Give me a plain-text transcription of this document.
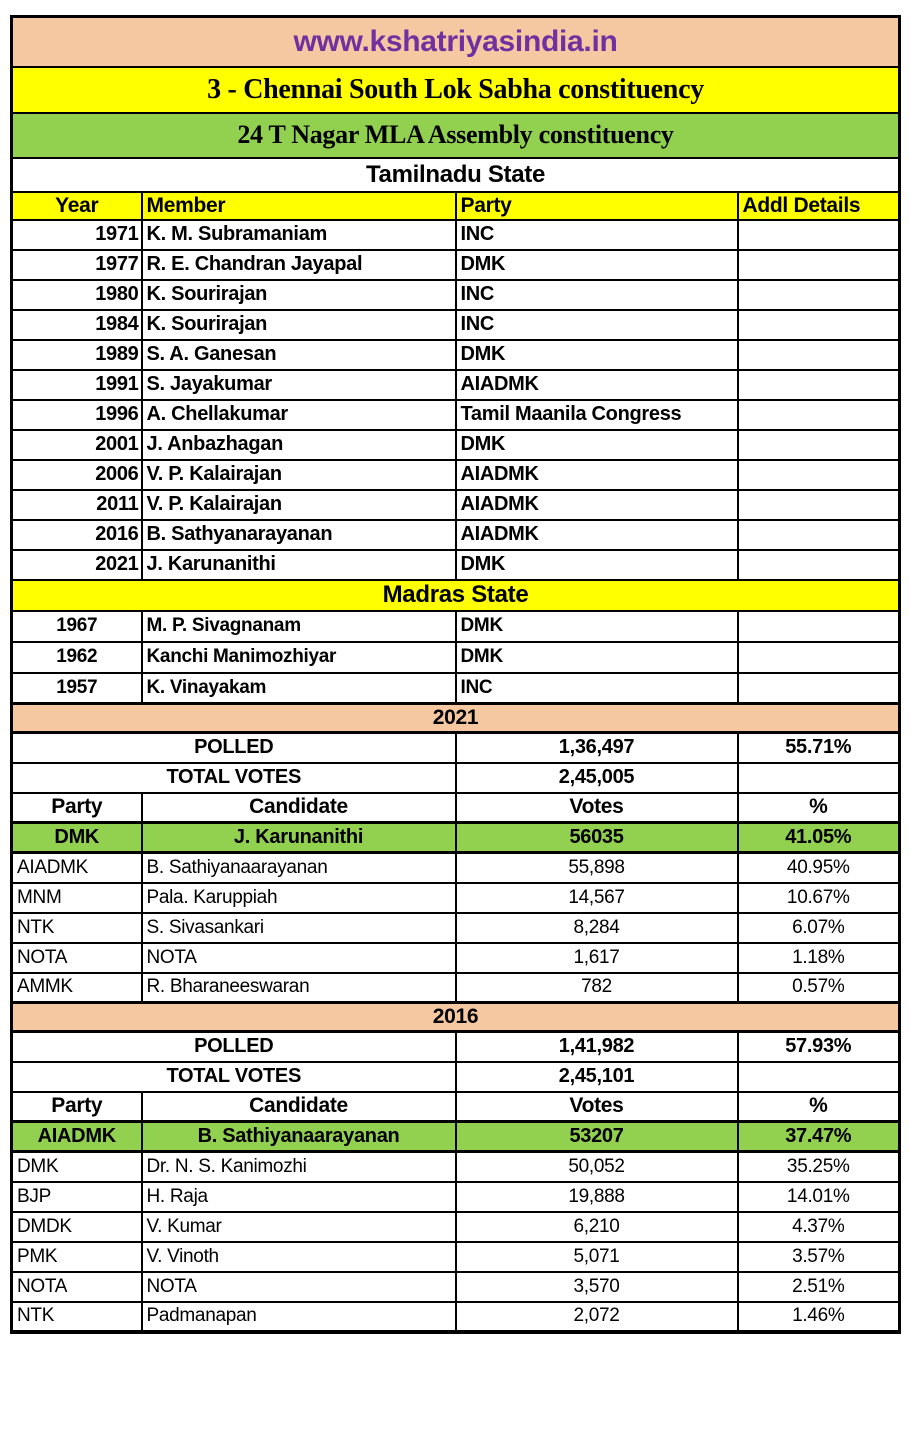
www.kshatriyasindia.in			
3 - Chennai South Lok Sabha constituency			
24 T Nagar MLA Assembly constituency			
Tamilnadu State			
Year	Member	Party	Addl Details
1971	K. M. Subramaniam	INC	
1977	R. E. Chandran Jayapal	DMK	
1980	K. Sourirajan	INC	
1984	K. Sourirajan	INC	
1989	S. A. Ganesan	DMK	
1991	S. Jayakumar	AIADMK	
1996	A. Chellakumar	Tamil Maanila Congress	
2001	J. Anbazhagan	DMK	
2006	V. P. Kalairajan	AIADMK	
2011	V. P. Kalairajan	AIADMK	
2016	B. Sathyanarayanan	AIADMK	
2021	J. Karunanithi	DMK	
Madras State			
1967	M. P. Sivagnanam	DMK	
1962	Kanchi Manimozhiyar	DMK	
1957	K. Vinayakam	INC	
2021			
POLLED		1,36,497	55.71%
TOTAL VOTES		2,45,005	
Party	Candidate	Votes	%
DMK	J. Karunanithi	56035	41.05%
AIADMK	B. Sathiyanaarayanan	55,898	40.95%
MNM	Pala. Karuppiah	14,567	10.67%
NTK	S. Sivasankari	8,284	6.07%
NOTA	NOTA	1,617	1.18%
AMMK	R. Bharaneeswaran	782	0.57%
2016			
POLLED		1,41,982	57.93%
TOTAL VOTES		2,45,101	
Party	Candidate	Votes	%
AIADMK	B. Sathiyanaarayanan	53207	37.47%
DMK	Dr. N. S. Kanimozhi	50,052	35.25%
BJP	H. Raja	19,888	14.01%
DMDK	V. Kumar	6,210	4.37%
PMK	V. Vinoth	5,071	3.57%
NOTA	NOTA	3,570	2.51%
NTK	Padmanapan	2,072	1.46%
